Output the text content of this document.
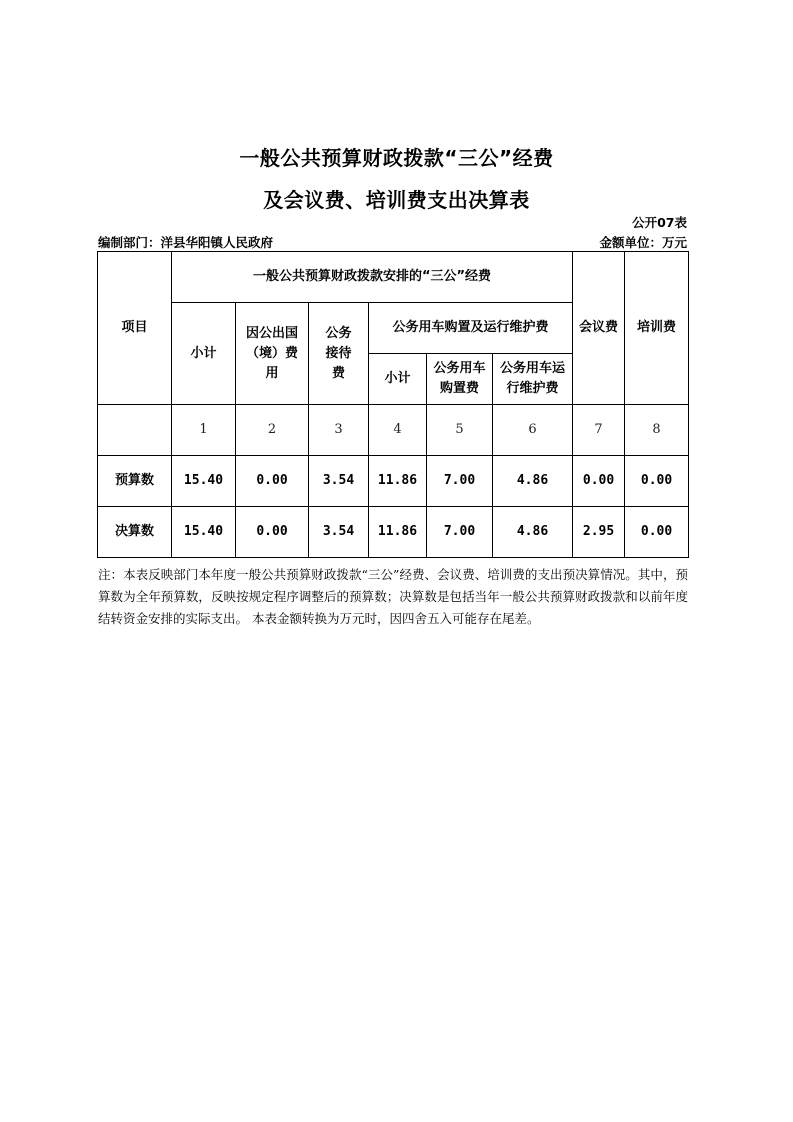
一般公共预算财政拨款“三公”经费
及会议费、培训费支出决算表
公开07表
编制部门：洋县华阳镇人民政府	金额单位：万元
项目	一般公共预算财政拨款安排的“三公”经费						会议费	培训费
	小计	因公出国（境）费用	公务接待费	公务用车购置及运行维护费				

				小计	公务用车购置费	公务用车运行维护费		
	1	2	3	4	5	6	7	8
预算数	15.40	0.00	3.54	11.86	7.00	4.86	0.00	0.00
决算数	15.40	0.00	3.54	11.86	7.00	4.86	2.95	0.00
注：本表反映部门本年度一般公共预算财政拨款“三公”经费、会议费、培训费的支出预决算情况。其中，预算数为全年预算数，反映按规定程序调整后的预算数；决算数是包括当年一般公共预算财政拨款和以前年度结转资金安排的实际支出。 本表金额转换为万元时，因四舍五入可能存在尾差。
